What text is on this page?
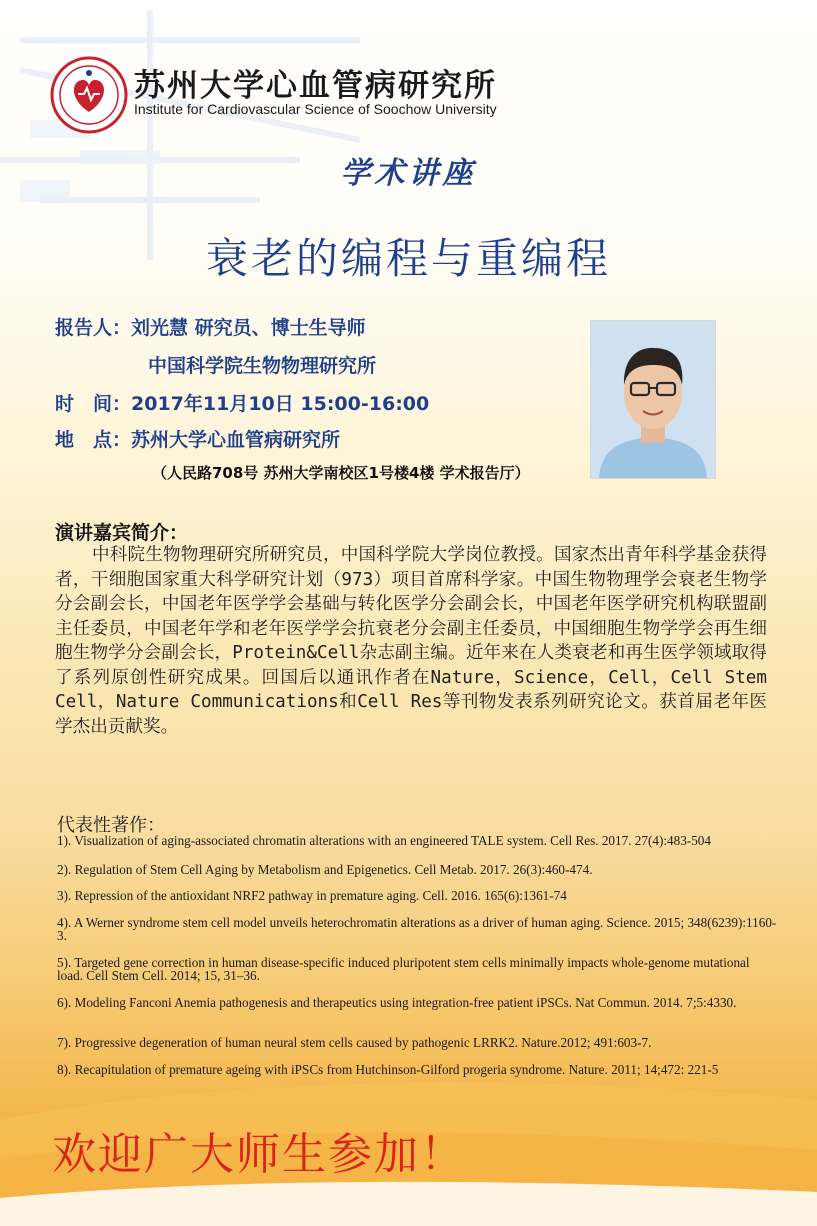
苏州大学心血管病研究所
Institute for Cardiovascular Science of Soochow University
学术讲座
衰老的编程与重编程
报告人：刘光慧 研究员、博士生导师
中国科学院生物物理研究所
时　间：2017年11月10日 15:00-16:00
地　点：苏州大学心血管病研究所
（人民路708号 苏州大学南校区1号楼4楼 学术报告厅）
演讲嘉宾简介：
中科院生物物理研究所研究员，中国科学院大学岗位教授。国家杰出青年科学基金获得者，干细胞国家重大科学研究计划（973）项目首席科学家。中国生物物理学会衰老生物学分会副会长，中国老年医学学会基础与转化医学分会副会长，中国老年医学研究机构联盟副主任委员，中国老年学和老年医学学会抗衰老分会副主任委员，中国细胞生物学学会再生细胞生物学分会副会长，Protein&Cell杂志副主编。近年来在人类衰老和再生医学领域取得了系列原创性研究成果。回国后以通讯作者在Nature，Science，Cell，Cell Stem Cell，Nature Communications和Cell Res等刊物发表系列研究论文。获首届老年医学杰出贡献奖。
代表性著作：
1). Visualization of aging-associated chromatin alterations with an engineered TALE system. Cell Res. 2017. 27(4):483-504
2). Regulation of Stem Cell Aging by Metabolism and Epigenetics. Cell Metab. 2017. 26(3):460-474.
3). Repression of the antioxidant NRF2 pathway in premature aging. Cell. 2016. 165(6):1361-74
4). A Werner syndrome stem cell model unveils heterochromatin alterations as a driver of human aging. Science. 2015; 348(6239):1160-3.
5). Targeted gene correction in human disease-specific induced pluripotent stem cells minimally impacts whole-genome mutational load. Cell Stem Cell. 2014; 15, 31–36.
6). Modeling Fanconi Anemia pathogenesis and therapeutics using integration-free patient iPSCs. Nat Commun. 2014. 7;5:4330.
7). Progressive degeneration of human neural stem cells caused by pathogenic LRRK2. Nature.2012; 491:603-7.
8). Recapitulation of premature ageing with iPSCs from Hutchinson-Gilford progeria syndrome. Nature. 2011; 14;472: 221-5
欢迎广大师生参加！
